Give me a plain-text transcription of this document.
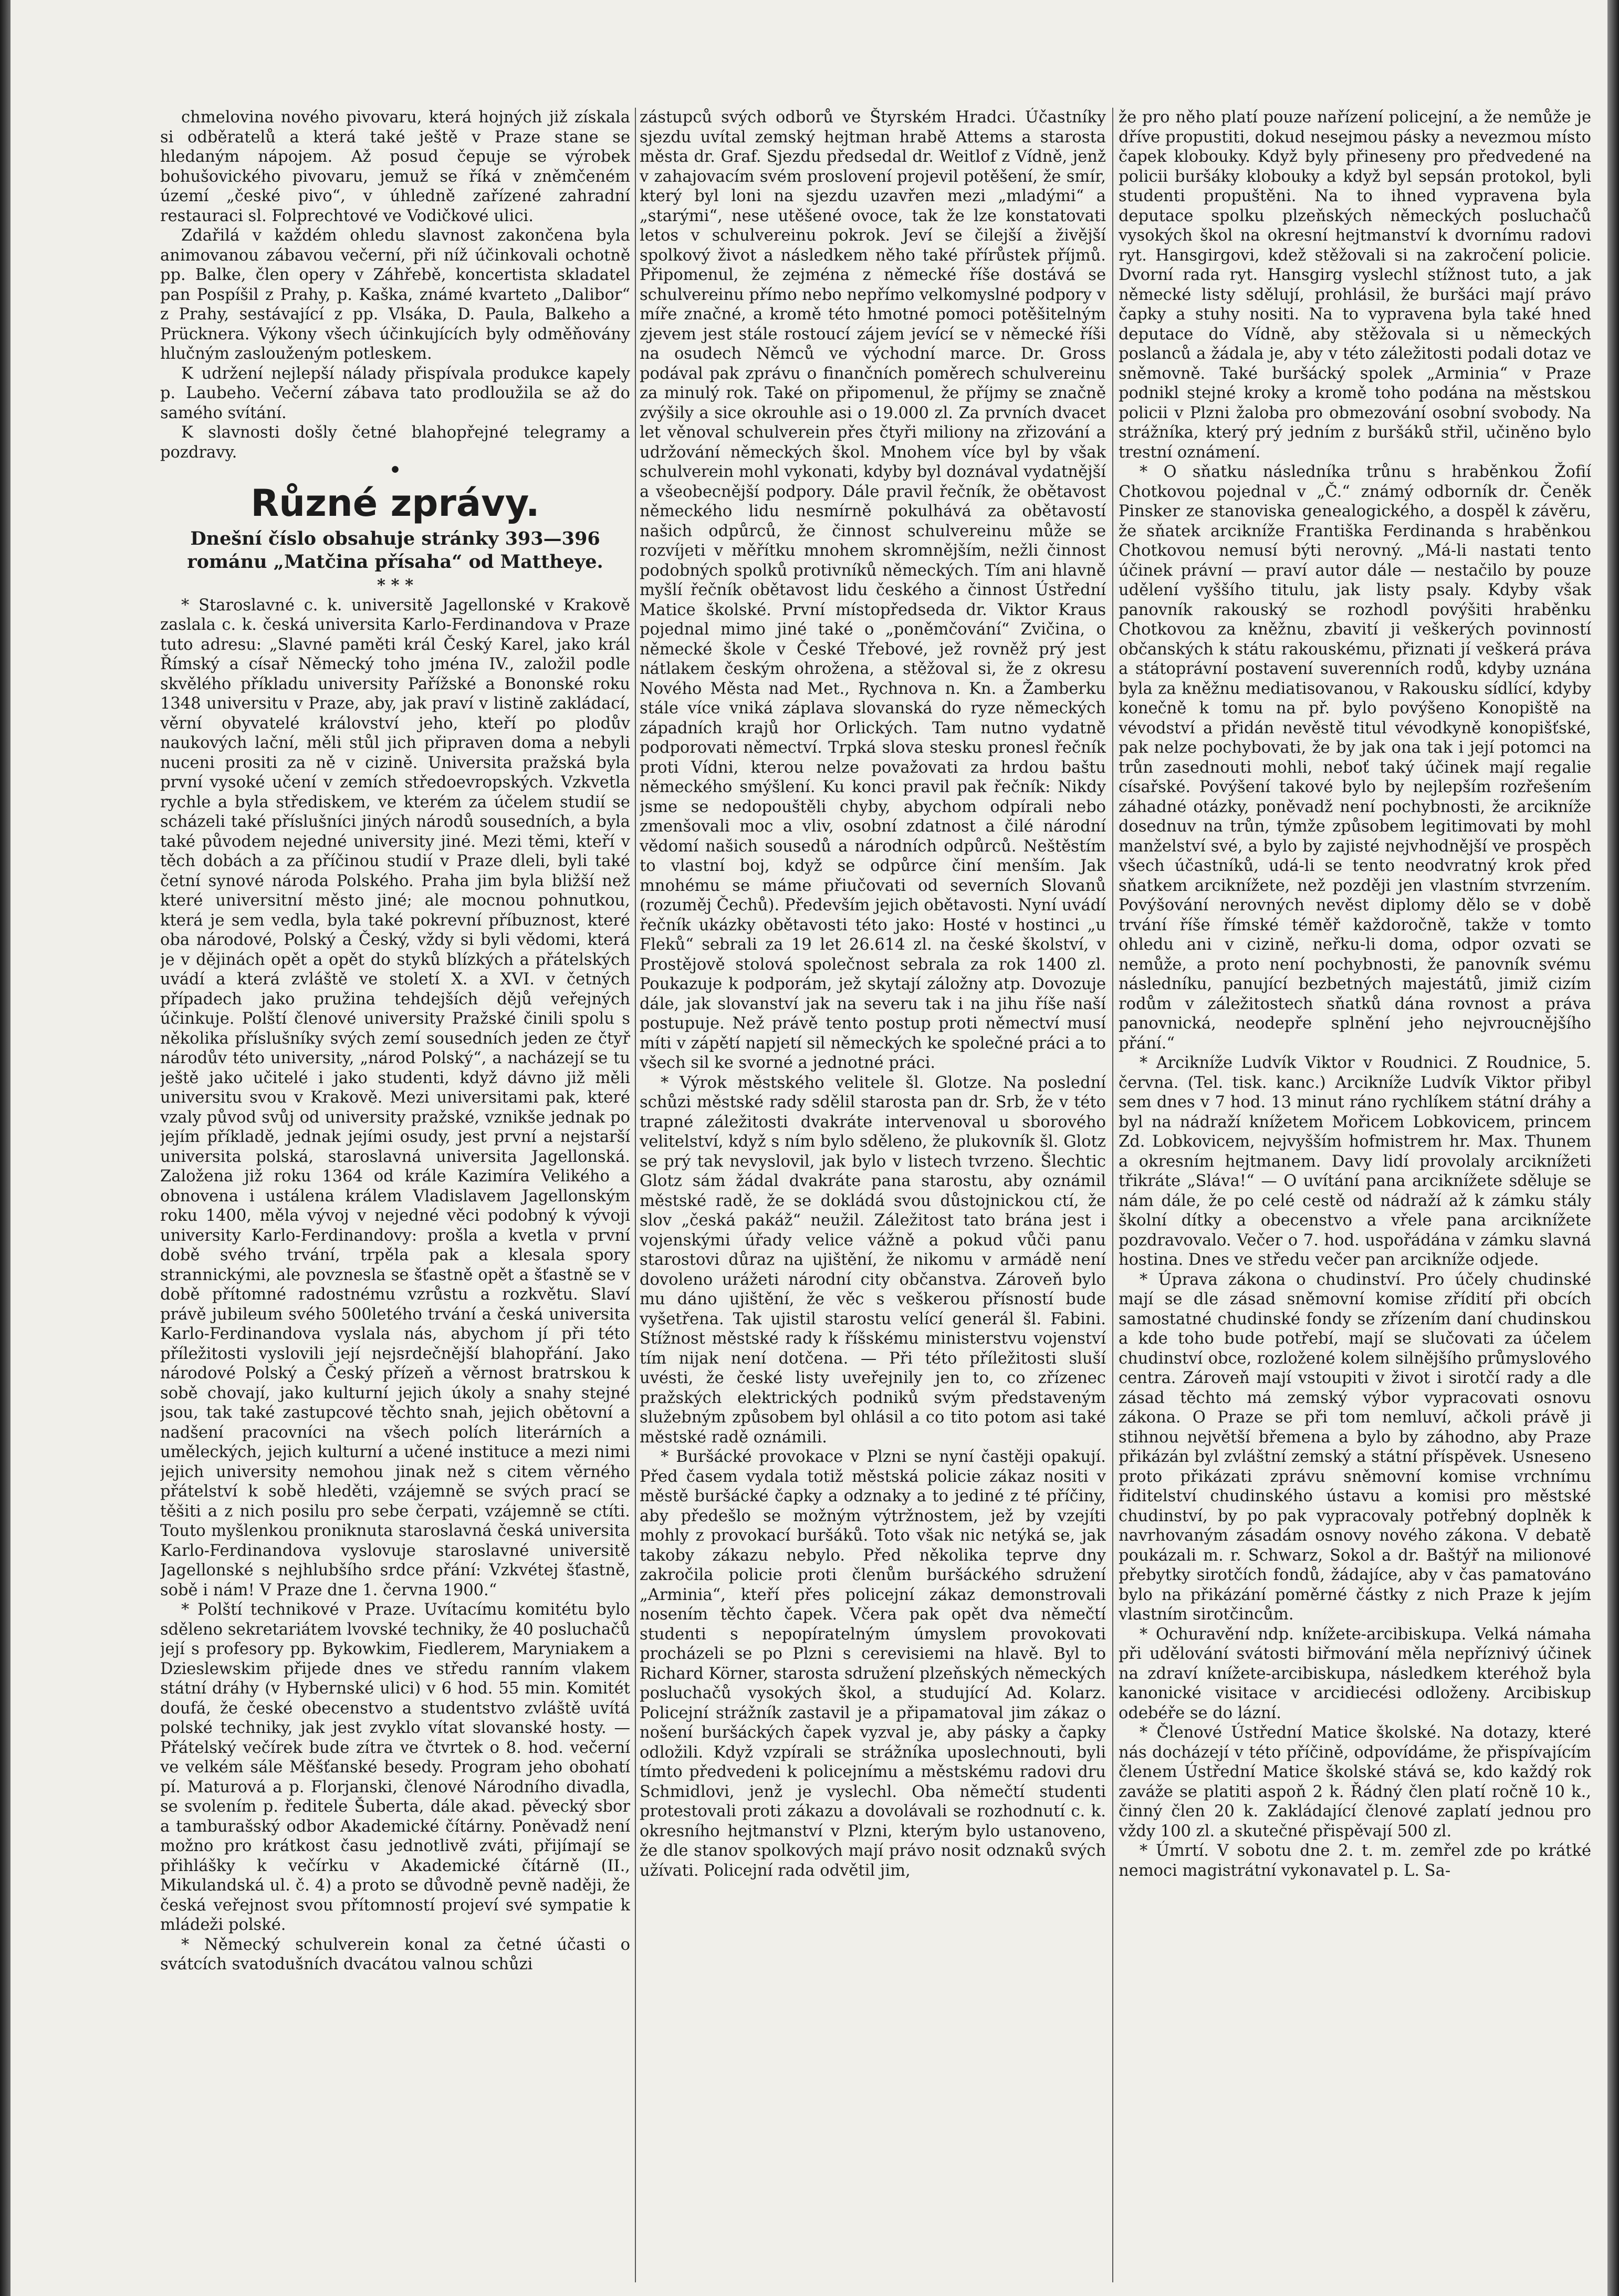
chmelovina nového pivovaru, která hojných již získala si odběratelů a která také ještě v Praze stane se hledaným nápojem. Až posud čepuje se výrobek bohušovického pivovaru, jemuž se říká v zněmčeném území „české pivo“, v úhledně zařízené zahradní restauraci sl. Folprechtové ve Vodičkové ulici.

Zdařilá v každém ohledu slavnost zakončena byla animovanou zábavou večerní, při níž účinkovali ochotně pp. Balke, člen opery v Záhřebě, koncertista skladatel pan Pospíšil z Prahy, p. Kaška, známé kvarteto „Dalibor“ z Prahy, sestávající z pp. Vlsáka, D. Paula, Balkeho a Prücknera. Výkony všech účinkujících byly odměňovány hlučným zaslouženým potleskem.

K udržení nejlepší nálady přispívala produkce kapely p. Laubeho. Večerní zábava tato prodloužila se až do samého svítání.

K slavnosti došly četné blahopřejné telegramy a pozdravy.

•

Různé zprávy.

Dnešní číslo obsahuje stránky 393—396 románu „Matčina přísaha“ od Mattheye.

* * *

* Staroslavné c. k. universitě Jagellonské v Krakově zaslala c. k. česká universita Karlo-Ferdinandova v Praze tuto adresu: „Slavné paměti král Český Karel, jako král Římský a císař Německý toho jména IV., založil podle skvělého příkladu university Pařížské a Bononské roku 1348 universitu v Praze, aby, jak praví v listině zakládací, věrní obyvatelé království jeho, kteří po plodův naukových lační, měli stůl jich připraven doma a nebyli nuceni prositi za ně v cizině. Universita pražská byla první vysoké učení v zemích středoevropských. Vzkvetla rychle a byla střediskem, ve kterém za účelem studií se scházeli také příslušníci jiných národů sousedních, a byla také původem nejedné university jiné. Mezi těmi, kteří v těch dobách a za příčinou studií v Praze dleli, byli také četní synové národa Polského. Praha jim byla bližší než které universitní město jiné; ale mocnou pohnutkou, která je sem vedla, byla také pokrevní příbuznost, které oba národové, Polský a Český, vždy si byli vědomi, která je v dějinách opět a opět do styků blízkých a přátelských uvádí a která zvláště ve století X. a XVI. v četných případech jako pružina tehdejších dějů veřejných účinkuje. Polští členové university Pražské činili spolu s několika příslušníky svých zemí sousedních jeden ze čtyř národův této university, „národ Polský“, a nacházejí se tu ještě jako učitelé i jako studenti, když dávno již měli universitu svou v Krakově. Mezi universitami pak, které vzaly původ svůj od university pražské, vznikše jednak po jejím příkladě, jednak jejími osudy, jest první a nejstarší universita polská, staroslavná universita Jagellonská. Založena již roku 1364 od krále Kazimíra Velikého a obnovena i ustálena králem Vladislavem Jagellonským roku 1400, měla vývoj v nejedné věci podobný k vývoji university Karlo-Ferdinandovy: prošla a kvetla v první době svého trvání, trpěla pak a klesala spory strannickými, ale povznesla se šťastně opět a šťastně se v době přítomné radostnému vzrůstu a rozkvětu. Slaví právě jubileum svého 500letého trvání a česká universita Karlo-Ferdinandova vyslala nás, abychom jí při této příležitosti vyslovili její nejsrdečnější blahopřání. Jako národové Polský a Český přízeň a věrnost bratrskou k sobě chovají, jako kulturní jejich úkoly a snahy stejné jsou, tak také zastupcové těchto snah, jejich obětovní a nadšení pracovníci na všech polích literárních a uměleckých, jejich kulturní a učené instituce a mezi nimi jejich university nemohou jinak než s citem věrného přátelství k sobě hleděti, vzájemně se svých prací se těšiti a z nich posilu pro sebe čerpati, vzájemně se ctíti. Touto myšlenkou proniknuta staroslavná česká universita Karlo-Ferdinandova vyslovuje staroslavné universitě Jagellonské s nejhlubšího srdce přání: Vzkvétej šťastně, sobě i nám! V Praze dne 1. června 1900.“

* Polští technikové v Praze. Uvítacímu komitétu bylo sděleno sekretariátem lvovské techniky, že 40 posluchačů její s profesory pp. Bykowkim, Fiedlerem, Maryniakem a Dzieslewskim přijede dnes ve středu ranním vlakem státní dráhy (v Hybernské ulici) v 6 hod. 55 min. Komitét doufá, že české obecenstvo a studentstvo zvláště uvítá polské techniky, jak jest zvyklo vítat slovanské hosty. — Přátelský večírek bude zítra ve čtvrtek o 8. hod. večerní ve velkém sále Měšťanské besedy. Program jeho obohatí pí. Maturová a p. Florjanski, členové Národního divadla, se svolením p. ředitele Šuberta, dále akad. pěvecký sbor a tamburašský odbor Akademické čítárny. Poněvadž není možno pro krátkost času jednotlivě zváti, přijímají se přihlášky k večírku v Akademické čítárně (II., Mikulandská ul. č. 4) a proto se důvodně pevně naději, že česká veřejnost svou přítomností projeví své sympatie k mládeži polské.

* Německý schulverein konal za četné účasti o svátcích svatodušních dvacátou valnou schůzi

zástupců svých odborů ve Štyrském Hradci. Účastníky sjezdu uvítal zemský hejtman hrabě Attems a starosta města dr. Graf. Sjezdu předsedal dr. Weitlof z Vídně, jenž v zahajovacím svém proslovení projevil potěšení, že smír, který byl loni na sjezdu uzavřen mezi „mladými“ a „starými“, nese utěšené ovoce, tak že lze konstatovati letos v schulvereinu pokrok. Jeví se čilejší a živější spolkový život a následkem něho také přírůstek příjmů. Připomenul, že zejména z německé říše dostává se schulvereinu přímo nebo nepřímo velkomyslné podpory v míře značné, a kromě této hmotné pomoci potěšitelným zjevem jest stále rostoucí zájem jevící se v německé říši na osudech Němců ve východní marce. Dr. Gross podával pak zprávu o finančních poměrech schulvereinu za minulý rok. Také on připomenul, že příjmy se značně zvýšily a sice okrouhle asi o 19.000 zl. Za prvních dvacet let věnoval schulverein přes čtyři miliony na zřizování a udržování německých škol. Mnohem více byl by však schulverein mohl vykonati, kdyby byl doznával vydatnější a všeobecnější podpory. Dále pravil řečník, že obětavost německého lidu nesmírně pokulhává za obětavostí našich odpůrců, že činnost schulvereinu může se rozvíjeti v měřítku mnohem skromnějším, nežli činnost podobných spolků protivníků německých. Tím ani hlavně myšlí řečník obětavost lidu českého a činnost Ústřední Matice školské. První místopředseda dr. Viktor Kraus pojednal mimo jiné také o „poněmčování“ Zvičina, o německé škole v České Třebové, jež rovněž prý jest nátlakem českým ohrožena, a stěžoval si, že z okresu Nového Města nad Met., Rychnova n. Kn. a Žamberku stále více vniká záplava slovanská do ryze německých západních krajů hor Orlických. Tam nutno vydatně podporovati němectví. Trpká slova stesku pronesl řečník proti Vídni, kterou nelze považovati za hrdou baštu německého smýšlení. Ku konci pravil pak řečník: Nikdy jsme se nedopouštěli chyby, abychom odpírali nebo zmenšovali moc a vliv, osobní zdatnost a čilé národní vědomí našich sousedů a národních odpůrců. Neštěstím to vlastní boj, když se odpůrce činí menším. Jak mnohému se máme přiučovati od severních Slovanů (rozuměj Čechů). Především jejich obětavosti. Nyní uvádí řečník ukázky obětavosti této jako: Hosté v hostinci „u Fleků“ sebrali za 19 let 26.614 zl. na české školství, v Prostějově stolová společnost sebrala za rok 1400 zl. Poukazuje k podporám, jež skytají záložny atp. Dovozuje dále, jak slovanství jak na severu tak i na jihu říše naší postupuje. Než právě tento postup proti němectví musí míti v zápětí napjetí sil německých ke společné práci a to všech sil ke svorné a jednotné práci.

* Výrok městského velitele šl. Glotze. Na poslední schůzi městské rady sdělil starosta pan dr. Srb, že v této trapné záležitosti dvakráte intervenoval u sborového velitelství, když s ním bylo sděleno, že plukovník šl. Glotz se prý tak nevyslovil, jak bylo v listech tvrzeno. Šlechtic Glotz sám žádal dvakráte pana starostu, aby oznámil městské radě, že se dokládá svou důstojnickou ctí, že slov „česká pakáž“ neužil. Záležitost tato brána jest i vojenskými úřady velice vážně a pokud vůči panu starostovi důraz na ujištění, že nikomu v armádě není dovoleno urážeti národní city občanstva. Zároveň bylo mu dáno ujištění, že věc s veškerou přísností bude vyšetřena. Tak ujistil starostu velící generál šl. Fabini. Stížnost městské rady k říšskému ministerstvu vojenství tím nijak není dotčena. — Při této příležitosti sluší uvésti, že české listy uveřejnily jen to, co zřízenec pražských elektrických podniků svým představeným služebným způsobem byl ohlásil a co tito potom asi také městské radě oznámili.

* Buršácké provokace v Plzni se nyní častěji opakují. Před časem vydala totiž městská policie zákaz nositi v městě buršácké čapky a odznaky a to jediné z té příčiny, aby předešlo se možným výtržnostem, jež by vzejíti mohly z provokací buršáků. Toto však nic netýká se, jak takoby zákazu nebylo. Před několika teprve dny zakročila policie proti členům buršáckého sdružení „Arminia“, kteří přes policejní zákaz demonstrovali nosením těchto čapek. Včera pak opět dva němečtí studenti s nepopíratelným úmyslem provokovati procházeli se po Plzni s cerevisiemi na hlavě. Byl to Richard Körner, starosta sdružení plzeňských německých posluchačů vysokých škol, a studující Ad. Kolarz. Policejní strážník zastavil je a připamatoval jim zákaz o nošení buršáckých čapek vyzval je, aby pásky a čapky odložili. Když vzpírali se strážníka uposlechnouti, byli tímto předvedeni k policejnímu a městskému radovi dru Schmidlovi, jenž je vyslechl. Oba němečtí studenti protestovali proti zákazu a dovolávali se rozhodnutí c. k. okresního hejtmanství v Plzni, kterým bylo ustanoveno, že dle stanov spolkových mají právo nosit odznaků svých užívati. Policejní rada odvětil jim,

že pro něho platí pouze nařízení policejní, a že nemůže je dříve propustiti, dokud nesejmou pásky a nevezmou místo čapek klobouky. Když byly přineseny pro předvedené na policii buršáky klobouky a když byl sepsán protokol, byli studenti propuštěni. Na to ihned vypravena byla deputace spolku plzeňských německých posluchačů vysokých škol na okresní hejtmanství k dvornímu radovi ryt. Hansgirgovi, kdež stěžovali si na zakročení policie. Dvorní rada ryt. Hansgirg vyslechl stížnost tuto, a jak německé listy sdělují, prohlásil, že buršáci mají právo čapky a stuhy nositi. Na to vypravena byla také hned deputace do Vídně, aby stěžovala si u německých poslanců a žádala je, aby v této záležitosti podali dotaz ve sněmovně. Také buršácký spolek „Arminia“ v Praze podnikl stejné kroky a kromě toho podána na městskou policii v Plzni žaloba pro obmezování osobní svobody. Na strážníka, který prý jedním z buršáků střil, učiněno bylo trestní oznámení.

* O sňatku následníka trůnu s hraběnkou Žofií Chotkovou pojednal v „Č.“ známý odborník dr. Čeněk Pinsker ze stanoviska genealogického, a dospěl k závěru, že sňatek arcikníže Františka Ferdinanda s hraběnkou Chotkovou nemusí býti nerovný. „Má-li nastati tento účinek právní — praví autor dále — nestačilo by pouze udělení vyššího titulu, jak listy psaly. Kdyby však panovník rakouský se rozhodl povýšiti hraběnku Chotkovou za kněžnu, zbavití ji veškerých povinností občanských k státu rakouskému, přiznati jí veškerá práva a státoprávní postavení suverenních rodů, kdyby uznána byla za kněžnu mediatisovanou, v Rakousku sídlící, kdyby konečně k tomu na př. bylo povýšeno Konopiště na vévodství a přidán nevěstě titul vévodkyně konopišťské, pak nelze pochybovati, že by jak ona tak i její potomci na trůn zasednouti mohli, neboť taký účinek mají regalie císařské. Povýšení takové bylo by nejlepším rozřešením záhadné otázky, poněvadž není pochybnosti, že arcikníže dosednuv na trůn, týmže způsobem legitimovati by mohl manželství své, a bylo by zajisté nejvhodnější ve prospěch všech účastníků, udá-li se tento neodvratný krok před sňatkem arciknížete, než později jen vlastním stvrzením. Povýšování nerovných nevěst diplomy dělo se v době trvání říše římské téměř každoročně, takže v tomto ohledu ani v cizině, neřku-li doma, odpor ozvati se nemůže, a proto není pochybnosti, že panovník svému následníku, panující bezbetných majestátů, jimiž cizím rodům v záležitostech sňatků dána rovnost a práva panovnická, neodepře splnění jeho nejvroucnějšího přání.“

* Arcikníže Ludvík Viktor v Roudnici. Z Roudnice, 5. června. (Tel. tisk. kanc.) Arcikníže Ludvík Viktor přibyl sem dnes v 7 hod. 13 minut ráno rychlíkem státní dráhy a byl na nádraží knížetem Mořicem Lobkovicem, princem Zd. Lobkovicem, nejvyšším hofmistrem hr. Max. Thunem a okresním hejtmanem. Davy lidí provolaly arciknížeti třikráte „Sláva!“ — O uvítání pana arciknížete sděluje se nám dále, že po celé cestě od nádraží až k zámku stály školní dítky a obecenstvo a vřele pana arciknížete pozdravovalo. Večer o 7. hod. uspořádána v zámku slavná hostina. Dnes ve středu večer pan arcikníže odjede.

* Úprava zákona o chudinství. Pro účely chudinské mají se dle zásad sněmovní komise zřídití při obcích samostatné chudinské fondy se zřízením daní chudinskou a kde toho bude potřebí, mají se slučovati za účelem chudinství obce, rozložené kolem silnějšího průmyslového centra. Zároveň mají vstoupiti v život i sirotčí rady a dle zásad těchto má zemský výbor vypracovati osnovu zákona. O Praze se při tom nemluví, ačkoli právě ji stihnou největší břemena a bylo by záhodno, aby Praze přikázán byl zvláštní zemský a státní příspěvek. Usneseno proto přikázati zprávu sněmovní komise vrchnímu řiditelství chudinského ústavu a komisi pro městské chudinství, by po pak vypracovaly potřebný doplněk k navrhovaným zásadám osnovy nového zákona. V debatě poukázali m. r. Schwarz, Sokol a dr. Baštýř na milionové přebytky sirotčích fondů, žádajíce, aby v čas pamatováno bylo na přikázání poměrné částky z nich Praze k jejím vlastním sirotčincům.

* Ochuravění ndp. knížete-arcibiskupa. Velká námaha při udělování svátosti biřmování měla nepříznivý účinek na zdraví knížete-arcibiskupa, následkem kteréhož byla kanonické visitace v arcidiecési odloženy. Arcibiskup odebéře se do lázní.

* Členové Ústřední Matice školské. Na dotazy, které nás docházejí v této příčině, odpovídáme, že přispívajícím členem Ústřední Matice školské stává se, kdo každý rok zaváže se platiti aspoň 2 k. Řádný člen platí ročně 10 k., činný člen 20 k. Zakládající členové zaplatí jednou pro vždy 100 zl. a skutečné přispěvají 500 zl.

* Úmrtí. V sobotu dne 2. t. m. zemřel zde po krátké nemoci magistrátní vykonavatel p. L. Sa-
